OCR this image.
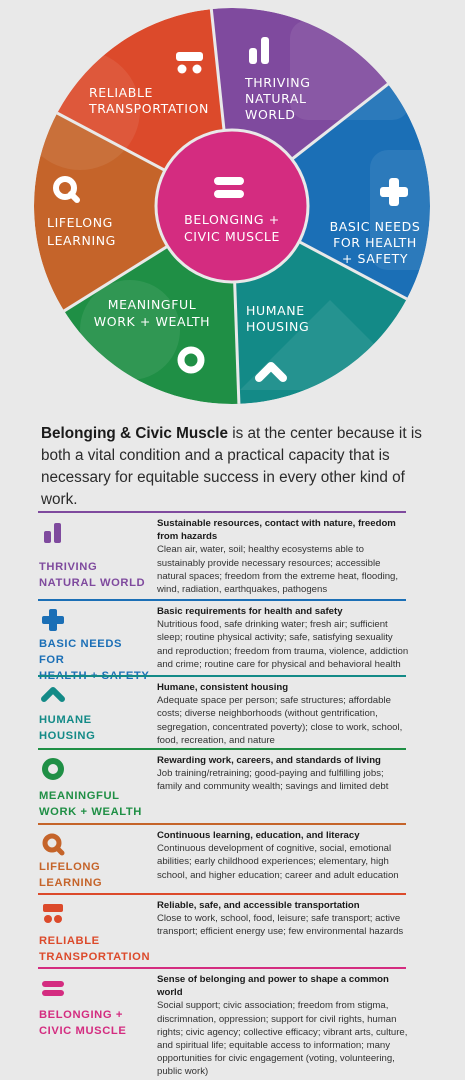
BELONGING +
CIVIC MUSCLE
THRIVING
NATURAL
WORLD
BASIC NEEDS
FOR HEALTH
+ SAFETY
HUMANE
HOUSING
MEANINGFUL
WORK + WEALTH
LIFELONG
LEARNING
RELIABLE
TRANSPORTATION

Belonging & Civic Muscle is at the center because it is both a vital condition and a practical capacity that is necessary for equitable success in every other kind of work.

THRIVING
NATURAL WORLD
Sustainable resources, contact with nature, freedom from hazards
Clean air, water, soil; healthy ecosystems able to sustainably provide necessary resources; accessible natural spaces; freedom from the extreme heat, flooding, wind, radiation, earthquakes, pathogens
BASIC NEEDS FOR
HEALTH + SAFETY
Basic requirements for health and safety
Nutritious food, safe drinking water; fresh air; sufficient sleep; routine physical activity; safe, satisfying sexuality and reproduction; freedom from trauma, violence, addiction and crime; routine care for physical and behavioral health
HUMANE
HOUSING
Humane, consistent housing
Adequate space per person; safe structures; affordable costs; diverse neighborhoods (without gentrification, segregation, concentrated poverty); close to work, school, food, recreation, and nature
MEANINGFUL
WORK + WEALTH
Rewarding work, careers, and standards of living
Job training/retraining; good-paying and fulfilling jobs; family and community wealth; savings and limited debt
LIFELONG
LEARNING
Continuous learning, education, and literacy
Continuous development of cognitive, social, emotional abilities; early childhood experiences; elementary, high school, and higher education; career and adult education
RELIABLE
TRANSPORTATION
Reliable, safe, and accessible transportation
Close to work, school, food, leisure; safe transport; active transport; efficient energy use; few environmental hazards
BELONGING +
CIVIC MUSCLE
Sense of belonging and power to shape a common world
Social support; civic association; freedom from stigma, discrimnation, oppression; support for civil rights, human rights; civic agency; collective efficacy; vibrant arts, culture, and spiritual life; equitable access to information; many opportunities for civic engagement (voting, volunteering, public work)
